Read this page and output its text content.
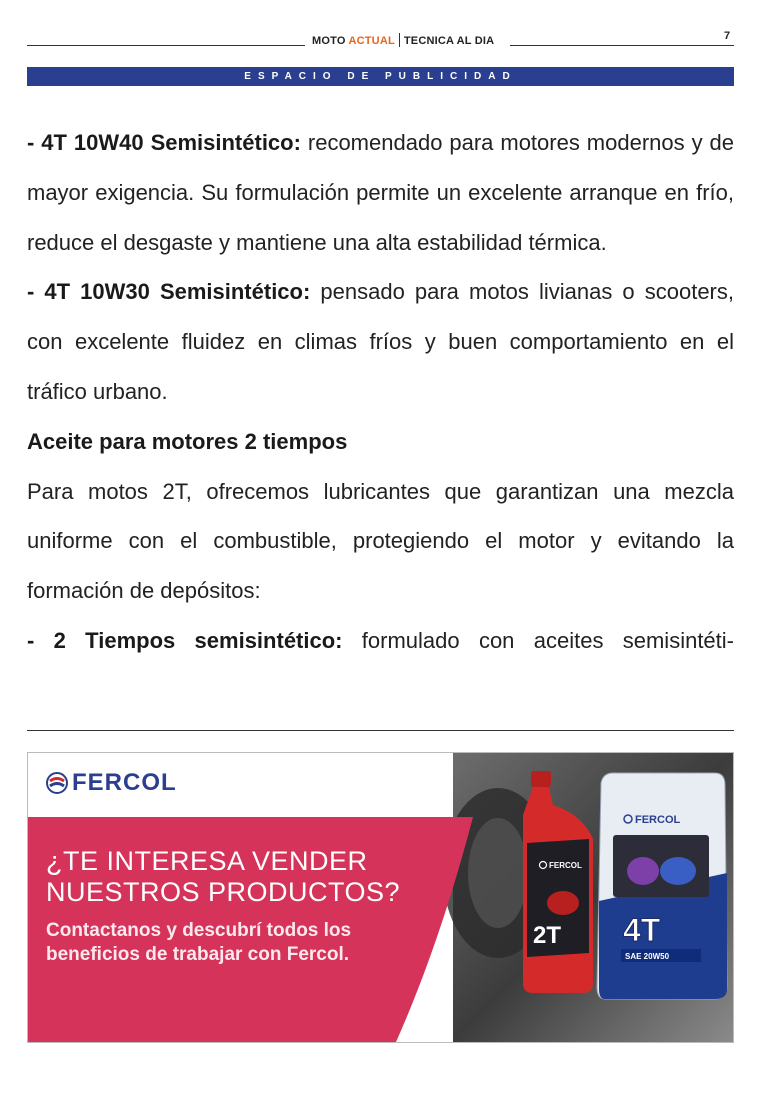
MOTO ACTUAL TECNICA AL DIA	7
ESPACIO DE PUBLICIDAD

- 4T 10W40 Semisintético: recomendado para motores modernos y de mayor exigencia. Su formulación permite un excelente arranque en frío, reduce el desgaste y mantiene una alta estabilidad térmica.

- 4T 10W30 Semisintético: pensado para motos livianas o scooters, con excelente fluidez en climas fríos y buen comportamiento en el tráfico urbano.

Aceite para motores 2 tiempos

Para motos 2T, ofrecemos lubricantes que garantizan una mezcla uniforme con el combustible, protegiendo el motor y evitando la formación de depósitos:

- 2 Tiempos semisintético: formulado con aceites semisintéti-

FERCOL
¿TE INTERESA VENDER
NUESTROS PRODUCTOS?
Contactanos y descubrí todos los
beneficios de trabajar con Fercol.
FERCOL
4T
SAE 20W50
FERCOL
2T
